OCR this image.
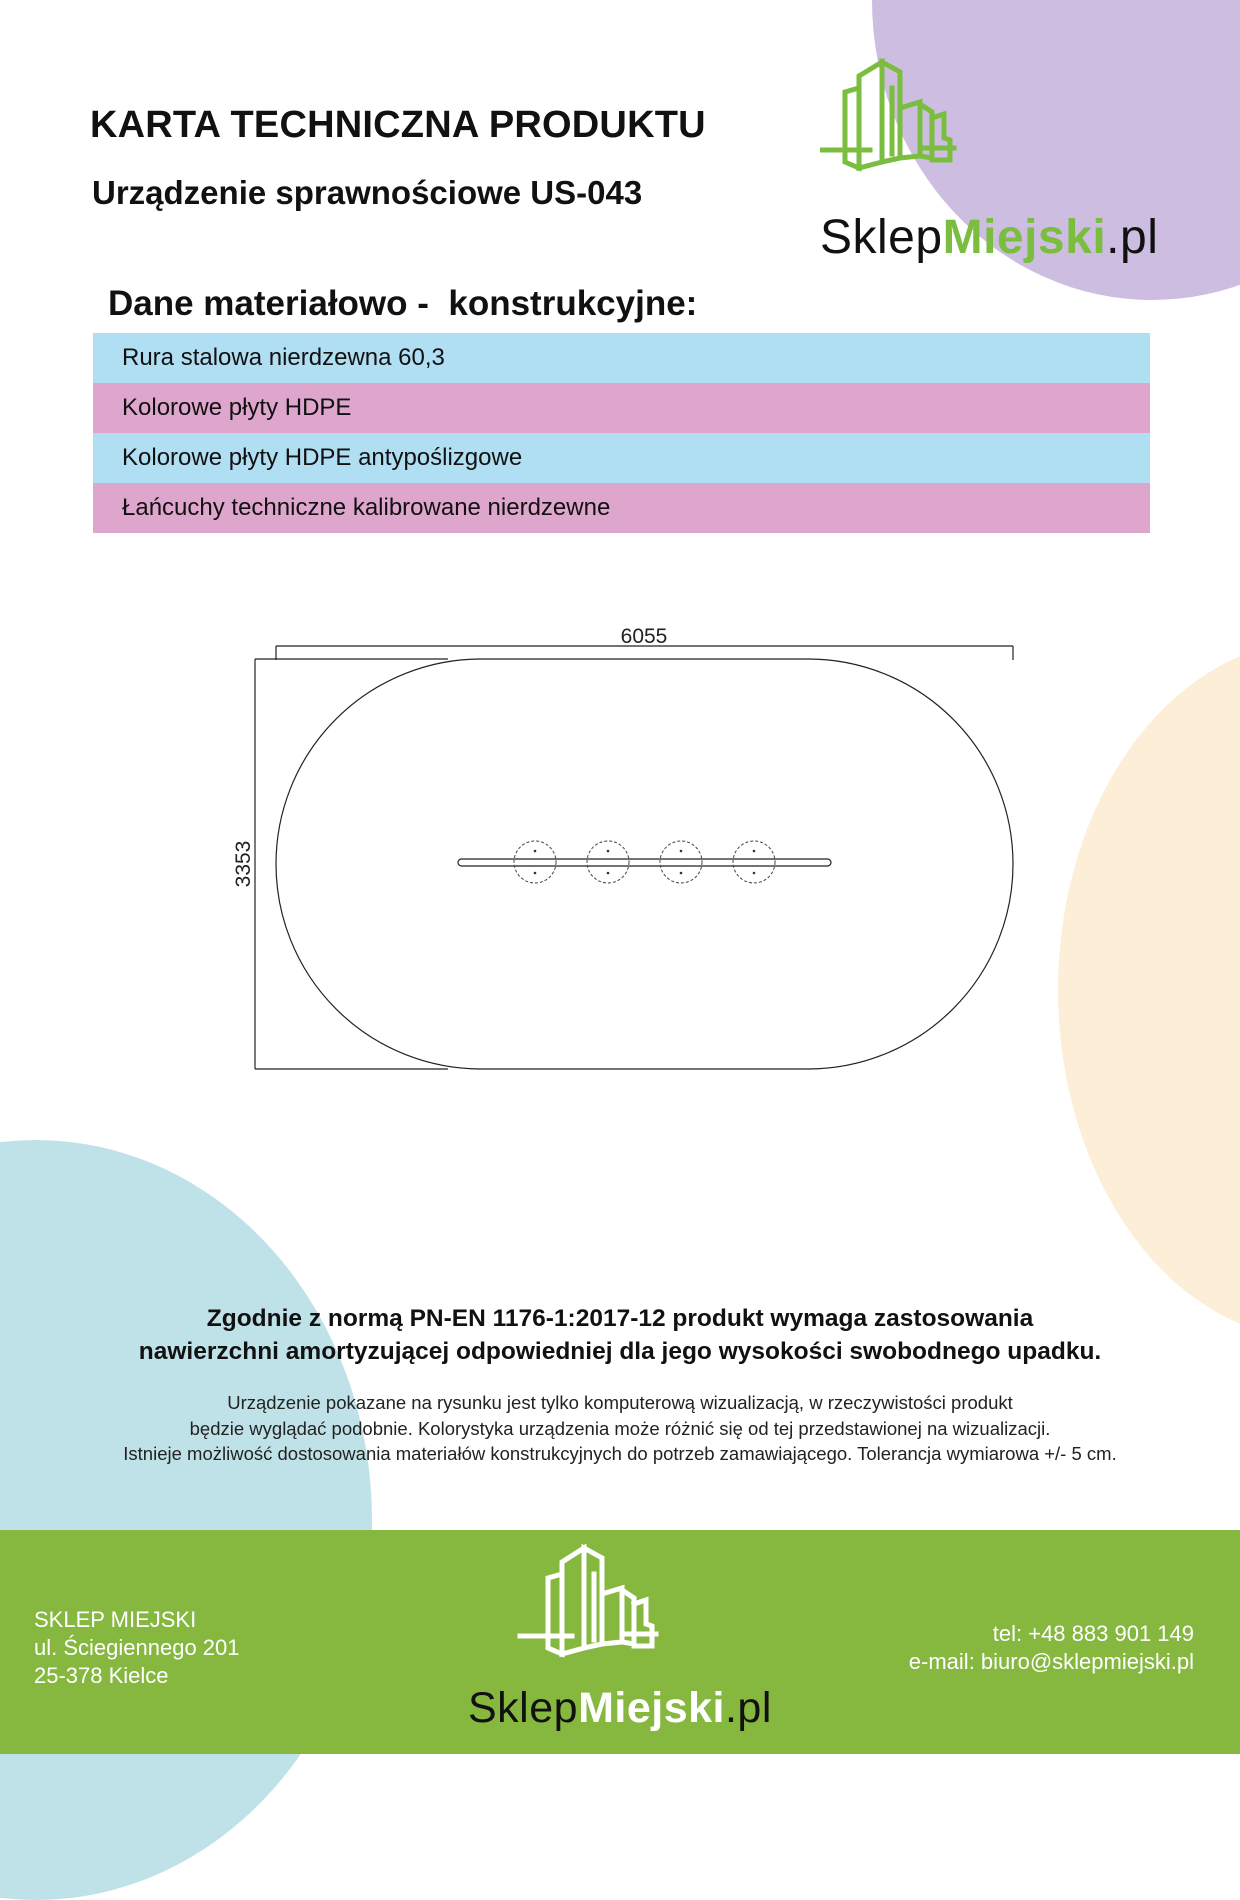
KARTA TECHNICZNA PRODUKTU
Urządzenie sprawnościowe US-043
SklepMiejski.pl
Dane materiałowo -  konstrukcyjne:
Rura stalowa nierdzewna 60,3
Kolorowe płyty HDPE
Kolorowe płyty HDPE antypoślizgowe
Łańcuchy techniczne kalibrowane nierdzewne
6055
3353
Zgodnie z normą PN-EN 1176-1:2017-12 produkt wymaga zastosowania
nawierzchni amortyzującej odpowiedniej dla jego wysokości swobodnego upadku.
Urządzenie pokazane na rysunku jest tylko komputerową wizualizacją, w rzeczywistości produkt
będzie wyglądać podobnie. Kolorystyka urządzenia może różnić się od tej przedstawionej na wizualizacji.
Istnieje możliwość dostosowania materiałów konstrukcyjnych do potrzeb zamawiającego. Tolerancja wymiarowa +/- 5 cm.
SKLEP MIEJSKI
ul. Ściegiennego 201
25-378 Kielce
SklepMiejski.pl
tel: +48 883 901 149
e-mail: biuro@sklepmiejski.pl
